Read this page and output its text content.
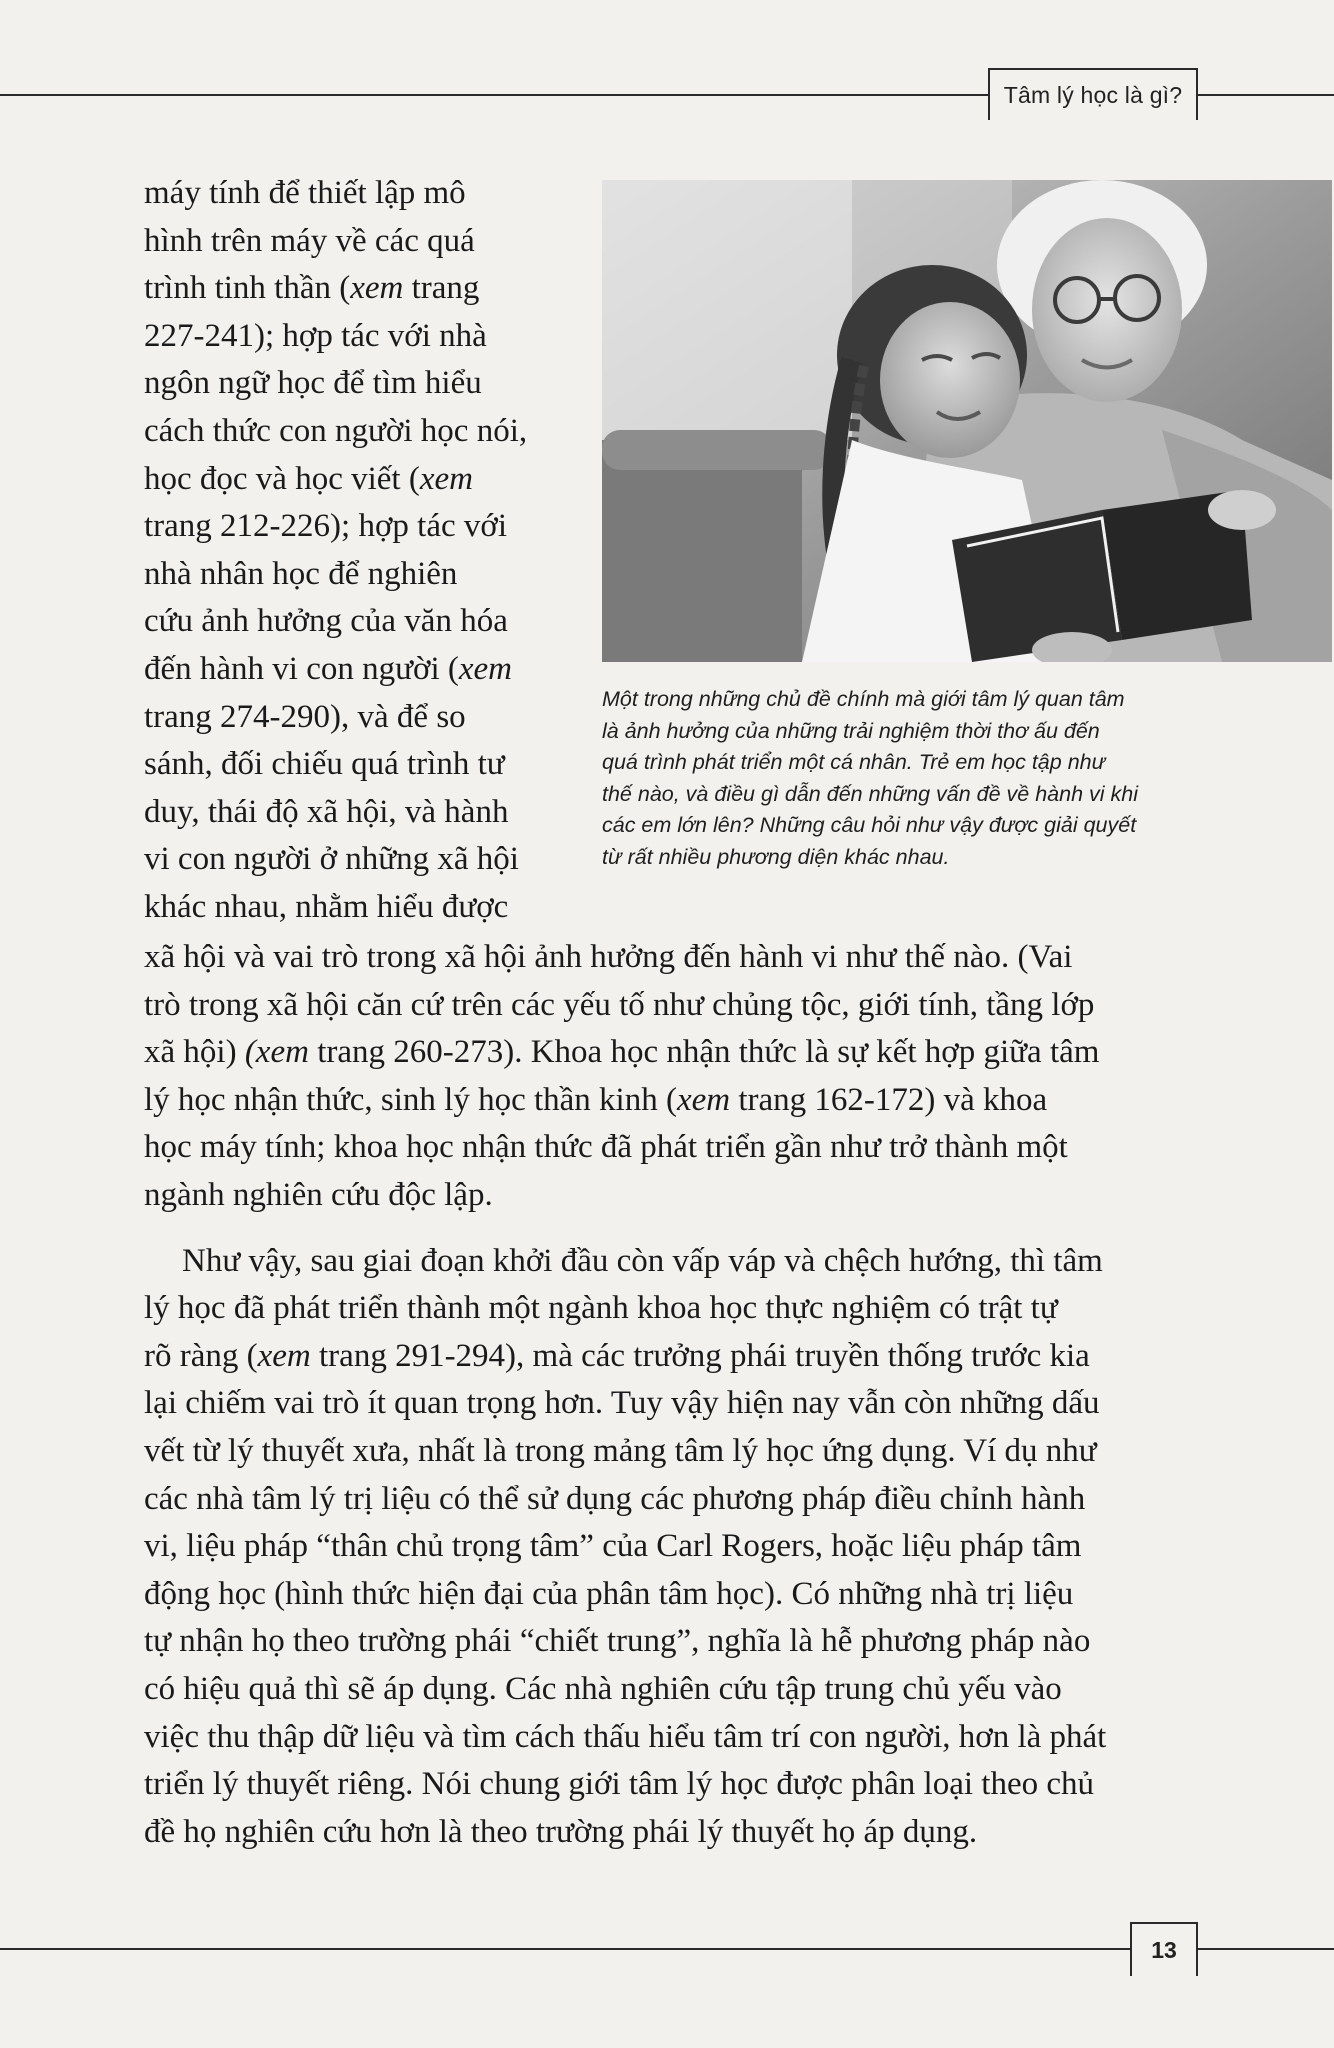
Tâm lý học là gì?
máy tính để thiết lập mô
hình trên máy về các quá
trình tinh thần (xem trang
227-241); hợp tác với nhà
ngôn ngữ học để tìm hiểu
cách thức con người học nói,
học đọc và học viết (xem
trang 212-226); hợp tác với
nhà nhân học để nghiên
cứu ảnh hưởng của văn hóa
đến hành vi con người (xem
trang 274-290), và để so
sánh, đối chiếu quá trình tư
duy, thái độ xã hội, và hành
vi con người ở những xã hội
khác nhau, nhằm hiểu được
Một trong những chủ đề chính mà giới tâm lý quan tâm
là ảnh hưởng của những trải nghiệm thời thơ ấu đến
quá trình phát triển một cá nhân. Trẻ em học tập như
thế nào, và điều gì dẫn đến những vấn đề về hành vi khi
các em lớn lên? Những câu hỏi như vậy được giải quyết
từ rất nhiều phương diện khác nhau.
xã hội và vai trò trong xã hội ảnh hưởng đến hành vi như thế nào. (Vai
trò trong xã hội căn cứ trên các yếu tố như chủng tộc, giới tính, tầng lớp
xã hội) (xem trang 260-273). Khoa học nhận thức là sự kết hợp giữa tâm
lý học nhận thức, sinh lý học thần kinh (xem trang 162-172) và khoa
học máy tính; khoa học nhận thức đã phát triển gần như trở thành một
ngành nghiên cứu độc lập.
Như vậy, sau giai đoạn khởi đầu còn vấp váp và chệch hướng, thì tâm
lý học đã phát triển thành một ngành khoa học thực nghiệm có trật tự
rõ ràng (xem trang 291-294), mà các trưởng phái truyền thống trước kia
lại chiếm vai trò ít quan trọng hơn. Tuy vậy hiện nay vẫn còn những dấu
vết từ lý thuyết xưa, nhất là trong mảng tâm lý học ứng dụng. Ví dụ như
các nhà tâm lý trị liệu có thể sử dụng các phương pháp điều chỉnh hành
vi, liệu pháp “thân chủ trọng tâm” của Carl Rogers, hoặc liệu pháp tâm
động học (hình thức hiện đại của phân tâm học). Có những nhà trị liệu
tự nhận họ theo trường phái “chiết trung”, nghĩa là hễ phương pháp nào
có hiệu quả thì sẽ áp dụng. Các nhà nghiên cứu tập trung chủ yếu vào
việc thu thập dữ liệu và tìm cách thấu hiểu tâm trí con người, hơn là phát
triển lý thuyết riêng. Nói chung giới tâm lý học được phân loại theo chủ
đề họ nghiên cứu hơn là theo trường phái lý thuyết họ áp dụng.
13
